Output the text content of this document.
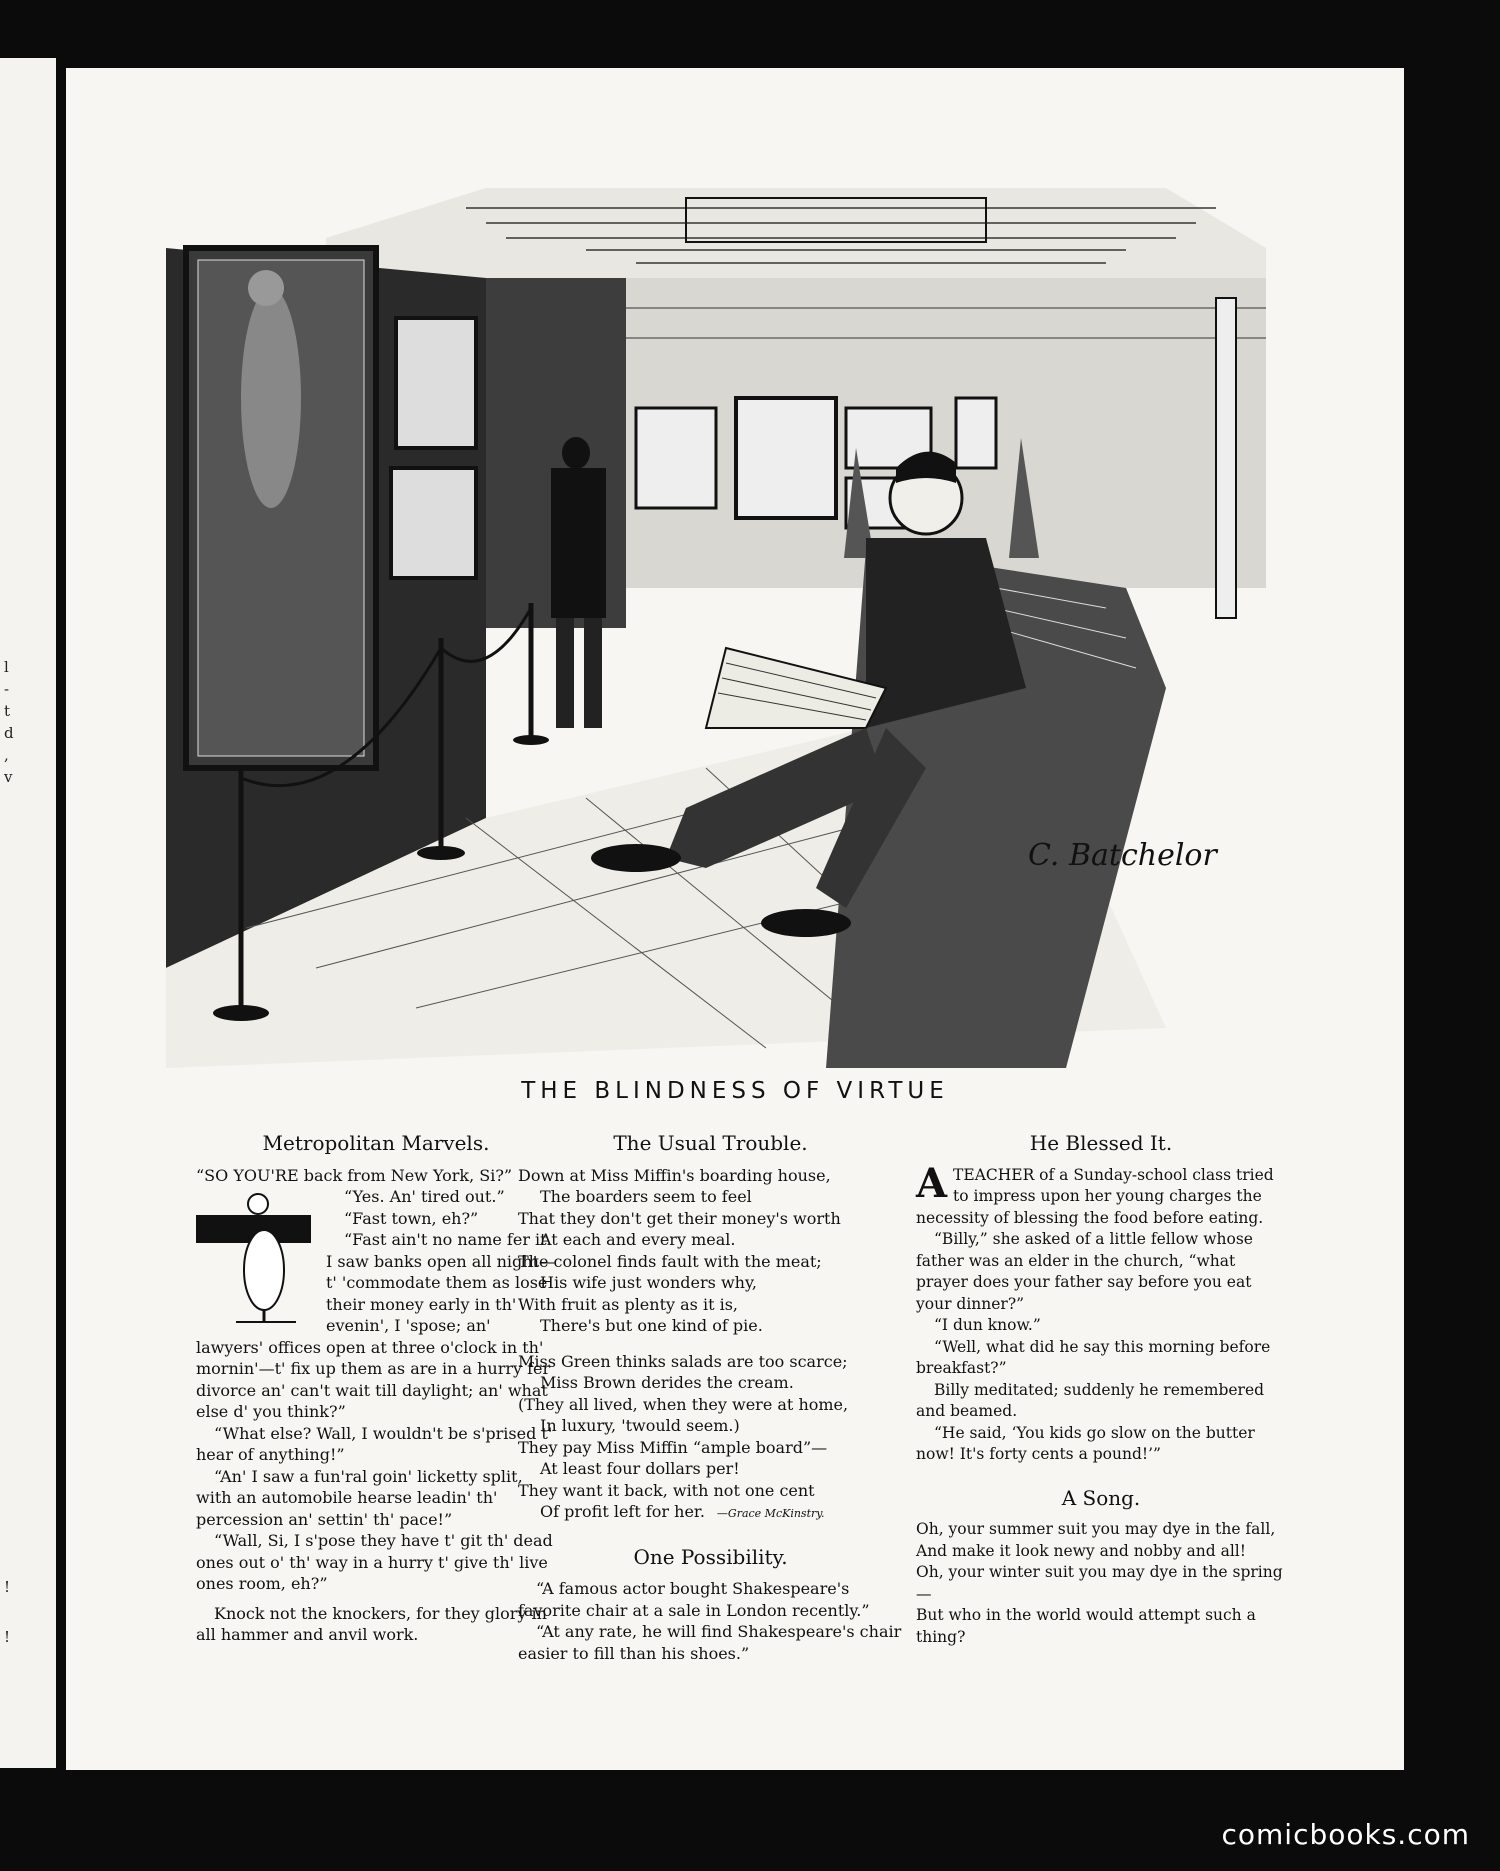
l
-
t
d
,
v
!
!
C. Batchelor
THE BLINDNESS OF VIRTUE
Metropolitan Marvels.

“SO YOU'RE back from New York, Si?”

“Yes. An' tired out.”

“Fast town, eh?”

“Fast ain't no name fer it. I saw banks open all night—t' 'commodate them as lose their money early in th' evenin', I 'spose; an' lawyers' offices open at three o'clock in th' mornin'—t' fix up them as are in a hurry fer divorce an' can't wait till daylight; an' what else d' you think?”

“What else? Wall, I wouldn't be s'prised t' hear of anything!”

“An' I saw a fun'ral goin' licketty split, with an automobile hearse leadin' th' percession an' settin' th' pace!”

“Wall, Si, I s'pose they have t' git th' dead ones out o' th' way in a hurry t' give th' live ones room, eh?”

Knock not the knockers, for they glory in all hammer and anvil work.

The Usual Trouble.

Down at Miss Miffin's boarding house,

The boarders seem to feel

That they don't get their money's worth

At each and every meal.

The colonel finds fault with the meat;

His wife just wonders why,

With fruit as plenty as it is,

There's but one kind of pie.

Miss Green thinks salads are too scarce;

Miss Brown derides the cream.

(They all lived, when they were at home,

In luxury, 'twould seem.)

They pay Miss Miffin “ample board”—

At least four dollars per!

They want it back, with not one cent

Of profit left for her. —Grace McKinstry.

One Possibility.

“A famous actor bought Shakespeare's favorite chair at a sale in London recently.”

“At any rate, he will find Shakespeare's chair easier to fill than his shoes.”

He Blessed It.

ATEACHER of a Sunday-school class tried to impress upon her young charges the necessity of blessing the food before eating.

“Billy,” she asked of a little fellow whose father was an elder in the church, “what prayer does your father say before you eat your dinner?”

“I dun know.”

“Well, what did he say this morning before breakfast?”

Billy meditated; suddenly he remembered and beamed.

“He said, ‘You kids go slow on the butter now! It's forty cents a pound!’”

A Song.

Oh, your summer suit you may dye in the fall,

And make it look newy and nobby and all!

Oh, your winter suit you may dye in the spring—

But who in the world would attempt such a thing?

comicbooks.com
